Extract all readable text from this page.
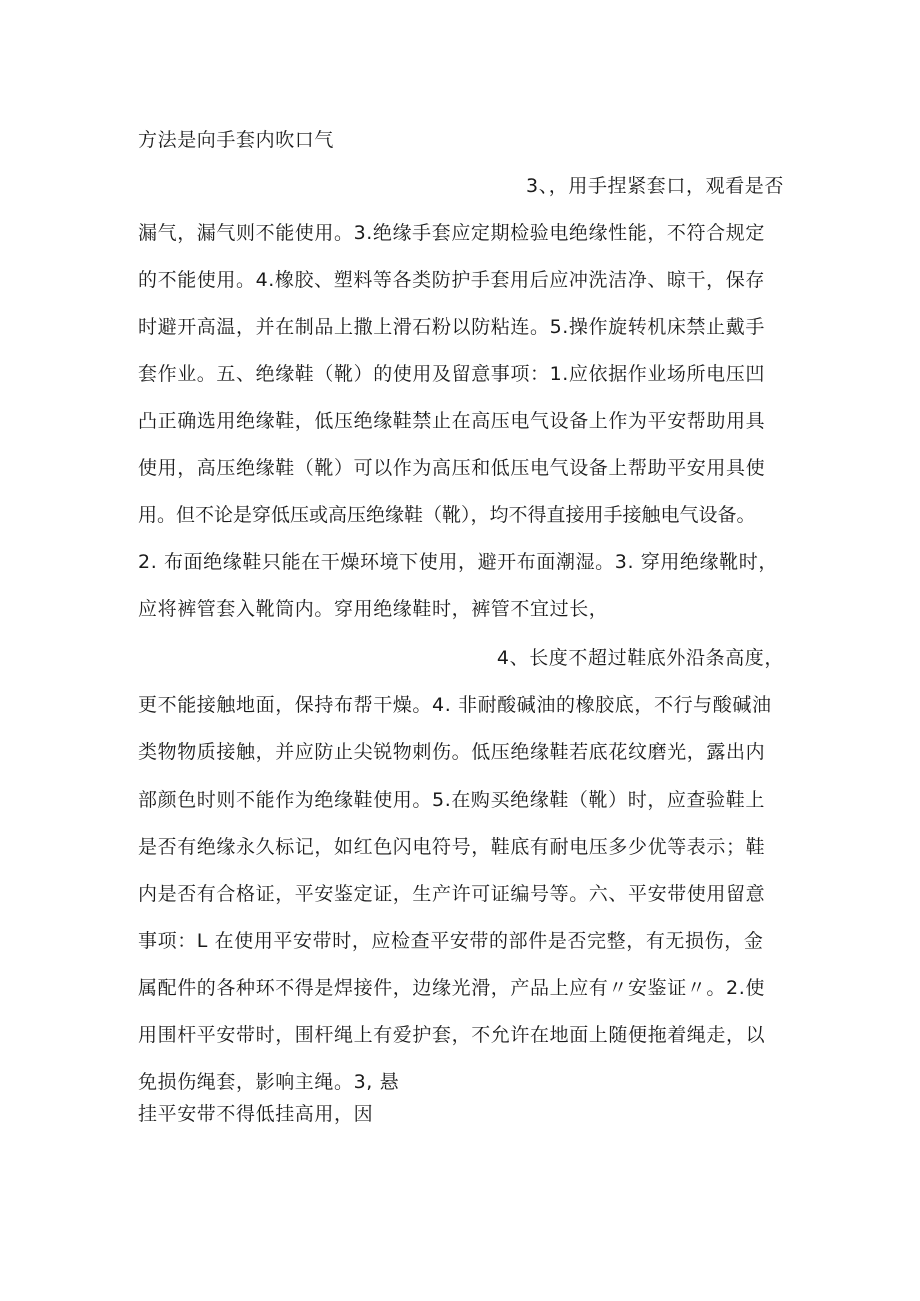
方法是向手套内吹口气
3、，用手捏紧套口，观看是否
漏气，漏气则不能使用。3.绝缘手套应定期检验电绝缘性能，不符合规定
的不能使用。4.橡胶、塑料等各类防护手套用后应冲洗洁净、晾干，保存
时避开高温，并在制品上撒上滑石粉以防粘连。5.操作旋转机床禁止戴手
套作业。五、绝缘鞋（靴）的使用及留意事项：1.应依据作业场所电压凹
凸正确选用绝缘鞋，低压绝缘鞋禁止在高压电气设备上作为平安帮助用具
使用，高压绝缘鞋（靴）可以作为高压和低压电气设备上帮助平安用具使
用。但不论是穿低压或高压绝缘鞋（靴），均不得直接用手接触电气设备。
2. 布面绝缘鞋只能在干燥环境下使用，避开布面潮湿。3. 穿用绝缘靴时，
应将裤管套入靴筒内。穿用绝缘鞋时，裤管不宜过长，
4、长度不超过鞋底外沿条高度，
更不能接触地面，保持布帮干燥。4. 非耐酸碱油的橡胶底，不行与酸碱油
类物物质接触，并应防止尖锐物刺伤。低压绝缘鞋若底花纹磨光，露出内
部颜色时则不能作为绝缘鞋使用。5.在购买绝缘鞋（靴）时，应查验鞋上
是否有绝缘永久标记，如红色闪电符号，鞋底有耐电压多少优等表示；鞋
内是否有合格证，平安鉴定证，生产许可证编号等。六、平安带使用留意
事项：L 在使用平安带时，应检查平安带的部件是否完整，有无损伤，金
属配件的各种环不得是焊接件，边缘光滑，产品上应有〃安鉴证〃。2.使
用围杆平安带时，围杆绳上有爱护套，不允许在地面上随便拖着绳走，以
免损伤绳套，影响主绳。3, 悬
挂平安带不得低挂高用，因
